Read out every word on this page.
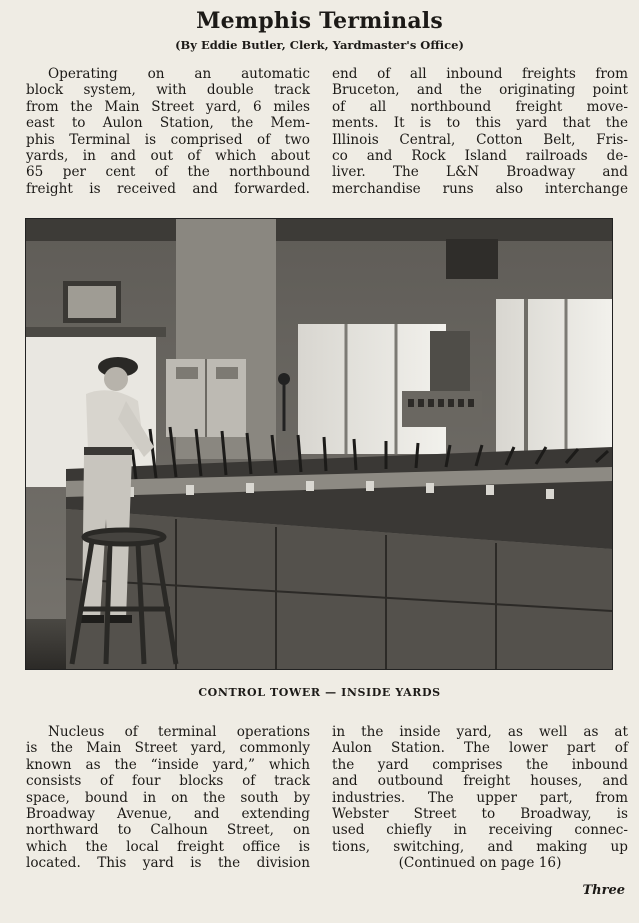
Memphis Terminals
(By Eddie Butler, Clerk, Yardmaster's Office)
Operating on an automatic
block system, with double track
from the Main Street yard, 6 miles
east to Aulon Station, the Mem-
phis Terminal is comprised of two
yards, in and out of which about
65 per cent of the northbound
freight is received and forwarded.
end of all inbound freights from
Bruceton, and the originating point
of all northbound freight move-
ments. It is to this yard that the
Illinois Central, Cotton Belt, Fris-
co and Rock Island railroads de-
liver. The L&N Broadway and
merchandise runs also interchange
CONTROL TOWER — INSIDE YARDS
Nucleus of terminal operations
is the Main Street yard, commonly
known as the “inside yard,” which
consists of four blocks of track
space, bound in on the south by
Broadway Avenue, and extending
northward to Calhoun Street, on
which the local freight office is
located. This yard is the division
in the inside yard, as well as at
Aulon Station. The lower part of
the yard comprises the inbound
and outbound freight houses, and
industries. The upper part, from
Webster Street to Broadway, is
used chiefly in receiving connec-
tions, switching, and making up
(Continued on page 16)
Three
